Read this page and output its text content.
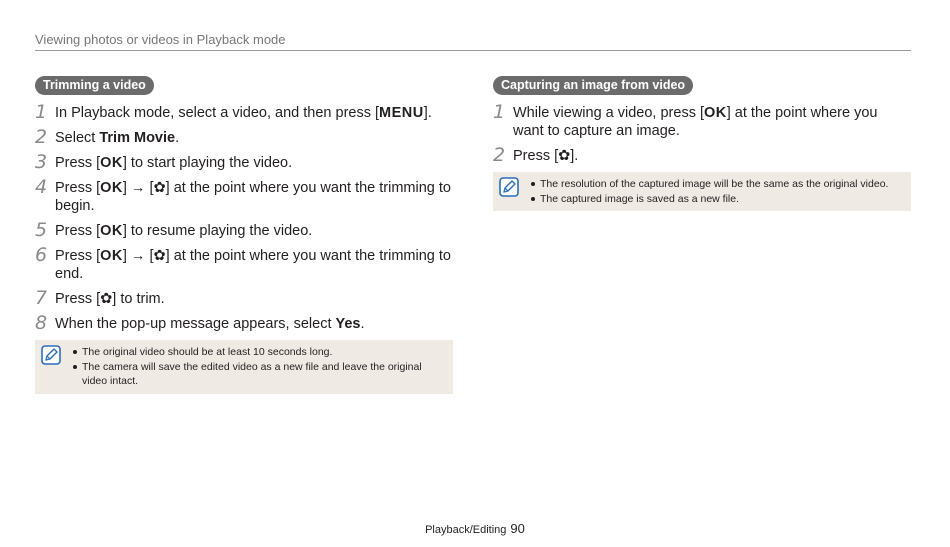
Viewing photos or videos in Playback mode
Trimming a video
1 In Playback mode, select a video, and then press [MENU].
2 Select Trim Movie.
3 Press [OK] to start playing the video.
4 Press [OK] → [✿] at the point where you want the trimming to begin.
5 Press [OK] to resume playing the video.
6 Press [OK] → [✿] at the point where you want the trimming to end.
7 Press [✿] to trim.
8 When the pop-up message appears, select Yes.
The original video should be at least 10 seconds long.
The camera will save the edited video as a new file and leave the original video intact.
Capturing an image from video
1 While viewing a video, press [OK] at the point where you want to capture an image.
2 Press [✿].
The resolution of the captured image will be the same as the original video.
The captured image is saved as a new file.
Playback/Editing 90
